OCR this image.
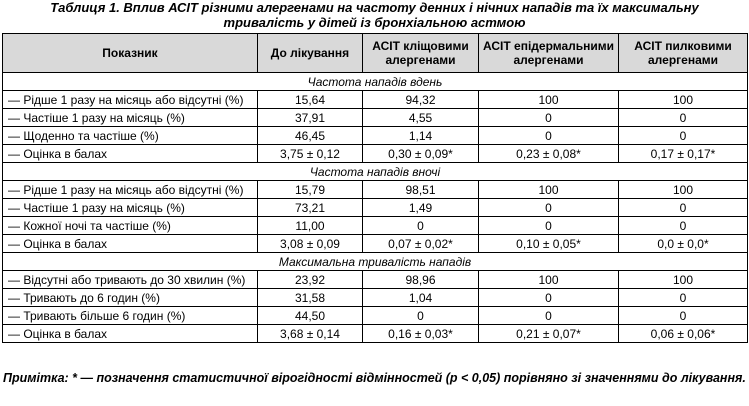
Таблиця 1. Вплив АСІТ різними алергенами на частоту денних і нічних нападів та їх максимальну
тривалість у дітей із бронхіальною астмою
Показник	До лікування	АСІТ кліщовими алергенами	АСІТ епідермальними алергенами	АСІТ пилковими алергенами
Частота нападів вдень				
— Рідше 1 разу на місяць або відсутні (%)	15,64	94,32	100	100
— Частіше 1 разу на місяць (%)	37,91	4,55	0	0
— Щоденно та частіше (%)	46,45	1,14	0	0
— Оцінка в балах	3,75 ± 0,12	0,30 ± 0,09*	0,23 ± 0,08*	0,17 ± 0,17*
Частота нападів вночі				
— Рідше 1 разу на місяць або відсутні (%)	15,79	98,51	100	100
— Частіше 1 разу на місяць (%)	73,21	1,49	0	0
— Кожної ночі та частіше (%)	11,00	0	0	0
— Оцінка в балах	3,08 ± 0,09	0,07 ± 0,02*	0,10 ± 0,05*	0,0 ± 0,0*
Максимальна тривалість нападів				
— Відсутні або тривають до 30 хвилин (%)	23,92	98,96	100	100
— Тривають до 6 годин (%)	31,58	1,04	0	0
— Тривають більше 6 годин (%)	44,50	0	0	0
— Оцінка в балах	3,68 ± 0,14	0,16 ± 0,03*	0,21 ± 0,07*	0,06 ± 0,06*
Примітка: * — позначення статистичної вірогідності відмінностей (p < 0,05) порівняно зі значеннями до лікування.
